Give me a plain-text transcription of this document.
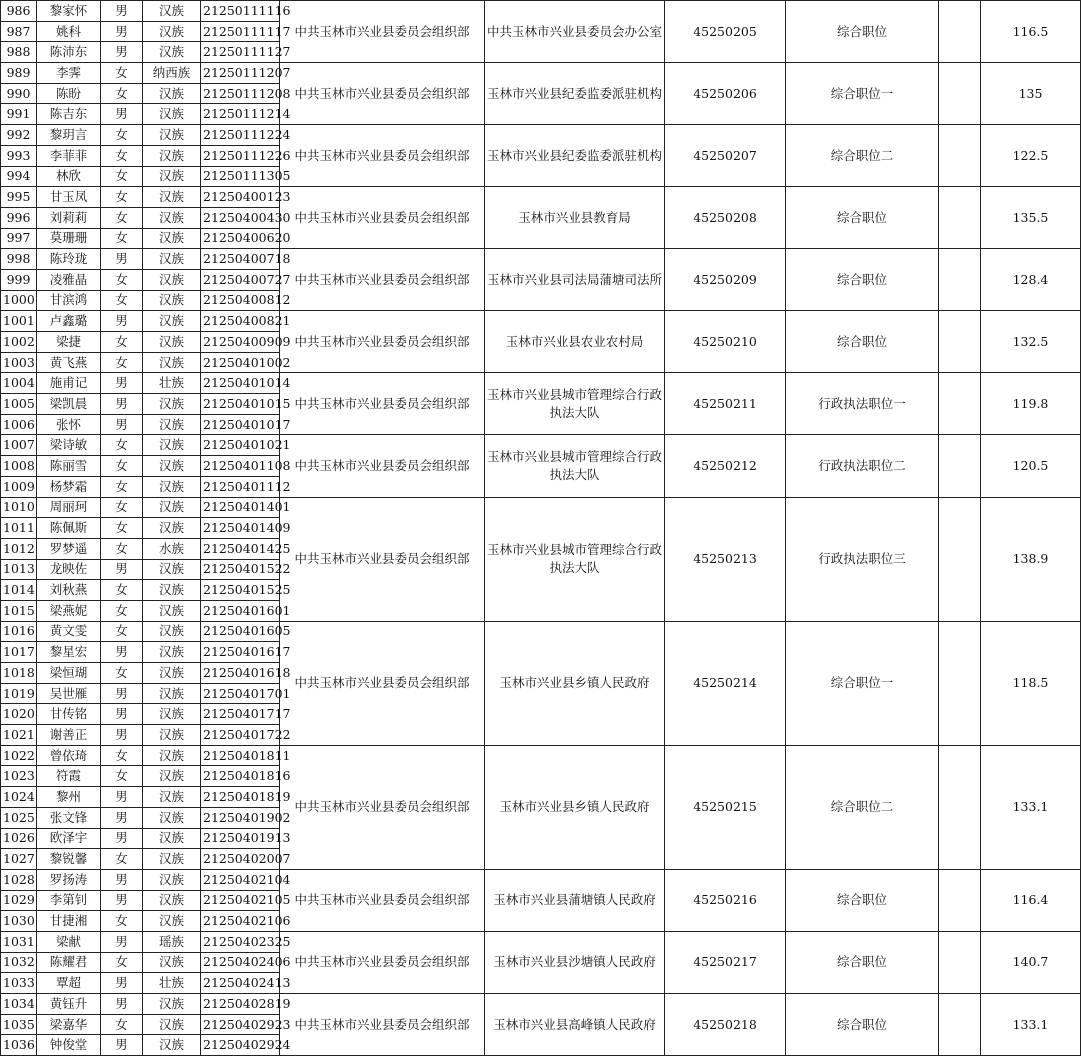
986	黎家怀	男	汉族	21250111116	中共玉林市兴业县委员会组织部	中共玉林市兴业县委员会办公室	45250205	综合职位		116.5
987	姚科	男	汉族	21250111117						
988	陈沛东	男	汉族	21250111127						
989	李霁	女	纳西族	21250111207	中共玉林市兴业县委员会组织部	玉林市兴业县纪委监委派驻机构	45250206	综合职位一		135
990	陈盼	女	汉族	21250111208						
991	陈吉东	男	汉族	21250111214						
992	黎玥言	女	汉族	21250111224	中共玉林市兴业县委员会组织部	玉林市兴业县纪委监委派驻机构	45250207	综合职位二		122.5
993	李菲菲	女	汉族	21250111226						
994	林欣	女	汉族	21250111305						
995	甘玉凤	女	汉族	21250400123	中共玉林市兴业县委员会组织部	玉林市兴业县教育局	45250208	综合职位		135.5
996	刘莉莉	女	汉族	21250400430						
997	莫珊珊	女	汉族	21250400620						
998	陈玲珑	男	汉族	21250400718	中共玉林市兴业县委员会组织部	玉林市兴业县司法局蒲塘司法所	45250209	综合职位		128.4
999	凌雅晶	女	汉族	21250400727						
1000	甘滨鸿	女	汉族	21250400812						
1001	卢鑫璐	男	汉族	21250400821	中共玉林市兴业县委员会组织部	玉林市兴业县农业农村局	45250210	综合职位		132.5
1002	梁捷	女	汉族	21250400909						
1003	黄飞燕	女	汉族	21250401002						
1004	施甫记	男	壮族	21250401014	中共玉林市兴业县委员会组织部	玉林市兴业县城市管理综合行政执法大队	45250211	行政执法职位一		119.8
1005	梁凯晨	男	汉族	21250401015						
1006	张怀	男	汉族	21250401017						
1007	梁诗敏	女	汉族	21250401021	中共玉林市兴业县委员会组织部	玉林市兴业县城市管理综合行政执法大队	45250212	行政执法职位二		120.5
1008	陈丽雪	女	汉族	21250401108						
1009	杨梦霜	女	汉族	21250401112						
1010	周丽珂	女	汉族	21250401401	中共玉林市兴业县委员会组织部	玉林市兴业县城市管理综合行政执法大队	45250213	行政执法职位三		138.9
1011	陈佩斯	女	汉族	21250401409						
1012	罗梦遥	女	水族	21250401425						
1013	龙映佐	男	汉族	21250401522						
1014	刘秋燕	女	汉族	21250401525						
1015	梁燕妮	女	汉族	21250401601						
1016	黄文雯	女	汉族	21250401605	中共玉林市兴业县委员会组织部	玉林市兴业县乡镇人民政府	45250214	综合职位一		118.5
1017	黎星宏	男	汉族	21250401617						
1018	梁恒瑚	女	汉族	21250401618						
1019	吴世雁	男	汉族	21250401701						
1020	甘传铭	男	汉族	21250401717						
1021	谢善正	男	汉族	21250401722						
1022	曾依琦	女	汉族	21250401811	中共玉林市兴业县委员会组织部	玉林市兴业县乡镇人民政府	45250215	综合职位二		133.1
1023	符霞	女	汉族	21250401816						
1024	黎州	男	汉族	21250401819						
1025	张文锋	男	汉族	21250401902						
1026	欧泽宇	男	汉族	21250401913						
1027	黎锐馨	女	汉族	21250402007						
1028	罗扬涛	男	汉族	21250402104	中共玉林市兴业县委员会组织部	玉林市兴业县蒲塘镇人民政府	45250216	综合职位		116.4
1029	李第钊	男	汉族	21250402105						
1030	甘捷湘	女	汉族	21250402106						
1031	梁献	男	瑶族	21250402325	中共玉林市兴业县委员会组织部	玉林市兴业县沙塘镇人民政府	45250217	综合职位		140.7
1032	陈耀君	女	汉族	21250402406						
1033	覃超	男	壮族	21250402413						
1034	黄钰升	男	汉族	21250402819	中共玉林市兴业县委员会组织部	玉林市兴业县高峰镇人民政府	45250218	综合职位		133.1
1035	梁嘉华	女	汉族	21250402923						
1036	钟俊堂	男	汉族	21250402924						
